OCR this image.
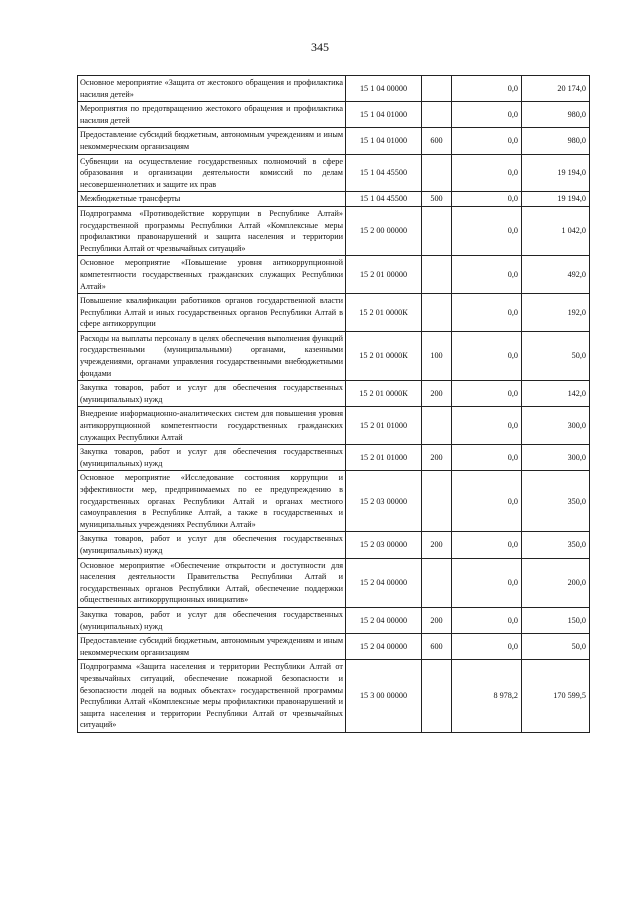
345
Основное мероприятие «Защита от жестокого обращения и профилактика насилия детей»	15 1 04 00000		0,0	20 174,0
Мероприятия по предотвращению жестокого обращения и профилактика насилия детей	15 1 04 01000		0,0	980,0
Предоставление субсидий бюджетным, автономным учреждениям и иным некоммерческим организациям	15 1 04 01000	600	0,0	980,0
Субвенции на осуществление государственных полномочий в сфере образования и организации деятельности комиссий по делам несовершеннолетних и защите их прав	15 1 04 45500		0,0	19 194,0
Межбюджетные трансферты	15 1 04 45500	500	0,0	19 194,0
Подпрограмма «Противодействие коррупции в Республике Алтай» государственной программы Республики Алтай «Комплексные меры профилактики правонарушений и защита населения и территории Республики Алтай от чрезвычайных ситуаций»	15 2 00 00000		0,0	1 042,0
Основное мероприятие «Повышение уровня антикоррупционной компетентности государственных гражданских служащих Республики Алтай»	15 2 01 00000		0,0	492,0
Повышение квалификации работников органов государственной власти Республики Алтай и иных государственных органов Республики Алтай в сфере антикоррупции	15 2 01 0000К		0,0	192,0
Расходы на выплаты персоналу в целях обеспечения выполнения функций государственными (муниципальными) органами, казенными учреждениями, органами управления государственными внебюджетными фондами	15 2 01 0000К	100	0,0	50,0
Закупка товаров, работ и услуг для обеспечения государственных (муниципальных) нужд	15 2 01 0000К	200	0,0	142,0
Внедрение информационно-аналитических систем для повышения уровня антикоррупционной компетентности государственных гражданских служащих Республики Алтай	15 2 01 01000		0,0	300,0
Закупка товаров, работ и услуг для обеспечения государственных (муниципальных) нужд	15 2 01 01000	200	0,0	300,0
Основное мероприятие «Исследование состояния коррупции и эффективности мер, предпринимаемых по ее предупреждению в государственных органах Республики Алтай и органах местного самоуправления в Республике Алтай, а также в государственных и муниципальных учреждениях Республики Алтай»	15 2 03 00000		0,0	350,0
Закупка товаров, работ и услуг для обеспечения государственных (муниципальных) нужд	15 2 03 00000	200	0,0	350,0
Основное мероприятие «Обеспечение открытости и доступности для населения деятельности Правительства Республики Алтай и государственных органов Республики Алтай, обеспечение поддержки общественных антикоррупционных инициатив»	15 2 04 00000		0,0	200,0
Закупка товаров, работ и услуг для обеспечения государственных (муниципальных) нужд	15 2 04 00000	200	0,0	150,0
Предоставление субсидий бюджетным, автономным учреждениям и иным некоммерческим организациям	15 2 04 00000	600	0,0	50,0
Подпрограмма «Защита населения и территории Республики Алтай от чрезвычайных ситуаций, обеспечение пожарной безопасности и безопасности людей на водных объектах» государственной программы Республики Алтай «Комплексные меры профилактики правонарушений и защита населения и территории Республики Алтай от чрезвычайных ситуаций»	15 3 00 00000		8 978,2	170 599,5
